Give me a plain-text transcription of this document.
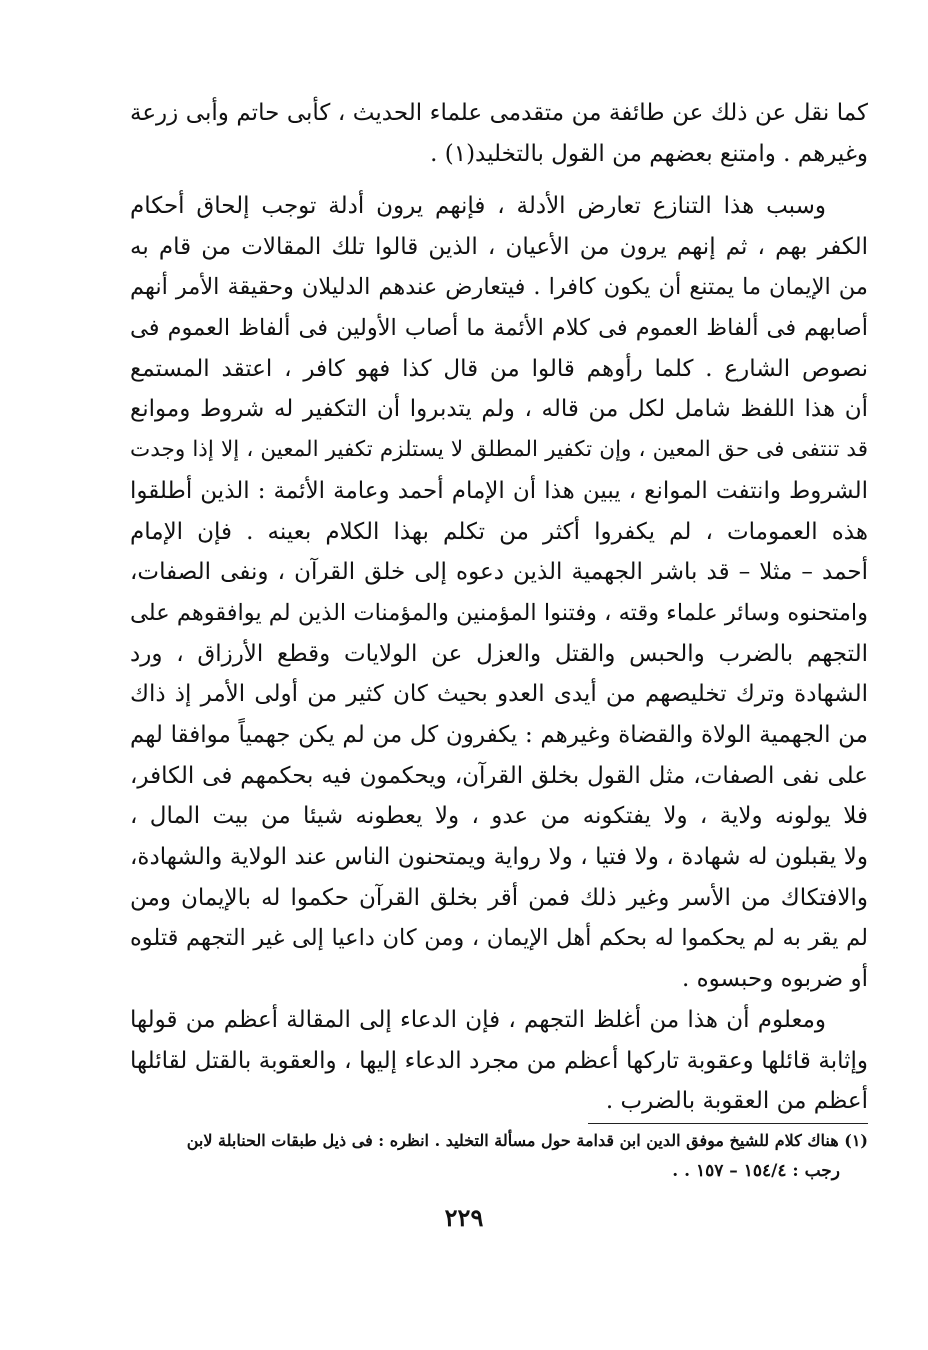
كما نقل عن ذلك عن طائفة من متقدمى علماء الحديث ، كأبى حاتم وأبى زرعة
وغيرهم . وامتنع بعضهم من القول بالتخليد(١) .
وسبب هذا التنازع تعارض الأدلة ، فإنهم يرون أدلة توجب إلحاق أحكام
الكفر بهم ، ثم إنهم يرون من الأعيان ، الذين قالوا تلك المقالات من قام به
من الإيمان ما يمتنع أن يكون كافرا . فيتعارض عندهم الدليلان وحقيقة الأمر أنهم
أصابهم فى ألفاظ العموم فى كلام الأئمة ما أصاب الأولين فى ألفاظ العموم فى
نصوص الشارع . كلما رأوهم قالوا من قال كذا فهو كافر ، اعتقد المستمع
أن هذا اللفظ شامل لكل من قاله ، ولم يتدبروا أن التكفير له شروط وموانع
قد تنتفى فى حق المعين ، وإن تكفير المطلق لا يستلزم تكفير المعين ، إلا إذا وجدت
الشروط وانتفت الموانع ، يبين هذا أن الإمام أحمد وعامة الأئمة : الذين أطلقوا
هذه العمومات ، لم يكفروا أكثر من تكلم بهذا الكلام بعينه . فإن الإمام
أحمد – مثلا – قد باشر الجهمية الذين دعوه إلى خلق القرآن ، ونفى الصفات،
وامتحنوه وسائر علماء وقته ، وفتنوا المؤمنين والمؤمنات الذين لم يوافقوهم على
التجهم بالضرب والحبس والقتل والعزل عن الولايات وقطع الأرزاق ، ورد
الشهادة وترك تخليصهم من أيدى العدو بحيث كان كثير من أولى الأمر إذ ذاك
من الجهمية الولاة والقضاة وغيرهم : يكفرون كل من لم يكن جهمياً موافقا لهم
على نفى الصفات، مثل القول بخلق القرآن، ويحكمون فيه بحكمهم فى الكافر،
فلا يولونه ولاية ، ولا يفتكونه من عدو ، ولا يعطونه شيئا من بيت المال ،
ولا يقبلون له شهادة ، ولا فتيا ، ولا رواية ويمتحنون الناس عند الولاية والشهادة،
والافتكاك من الأسر وغير ذلك فمن أقر بخلق القرآن حكموا له بالإيمان ومن
لم يقر به لم يحكموا له بحكم أهل الإيمان ، ومن كان داعيا إلى غير التجهم قتلوه
أو ضربوه وحبسوه .
ومعلوم أن هذا من أغلظ التجهم ، فإن الدعاء إلى المقالة أعظم من قولها
وإثابة قائلها وعقوبة تاركها أعظم من مجرد الدعاء إليها ، والعقوبة بالقتل لقائلها
أعظم من العقوبة بالضرب .
(١) هناك كلام للشيخ موفق الدين ابن قدامة حول مسألة التخليد . انظره : فى ذيل طبقات الحنابلة لابن
رجب : ١٥٤/٤ – ١٥٧ . .
٢٢٩
